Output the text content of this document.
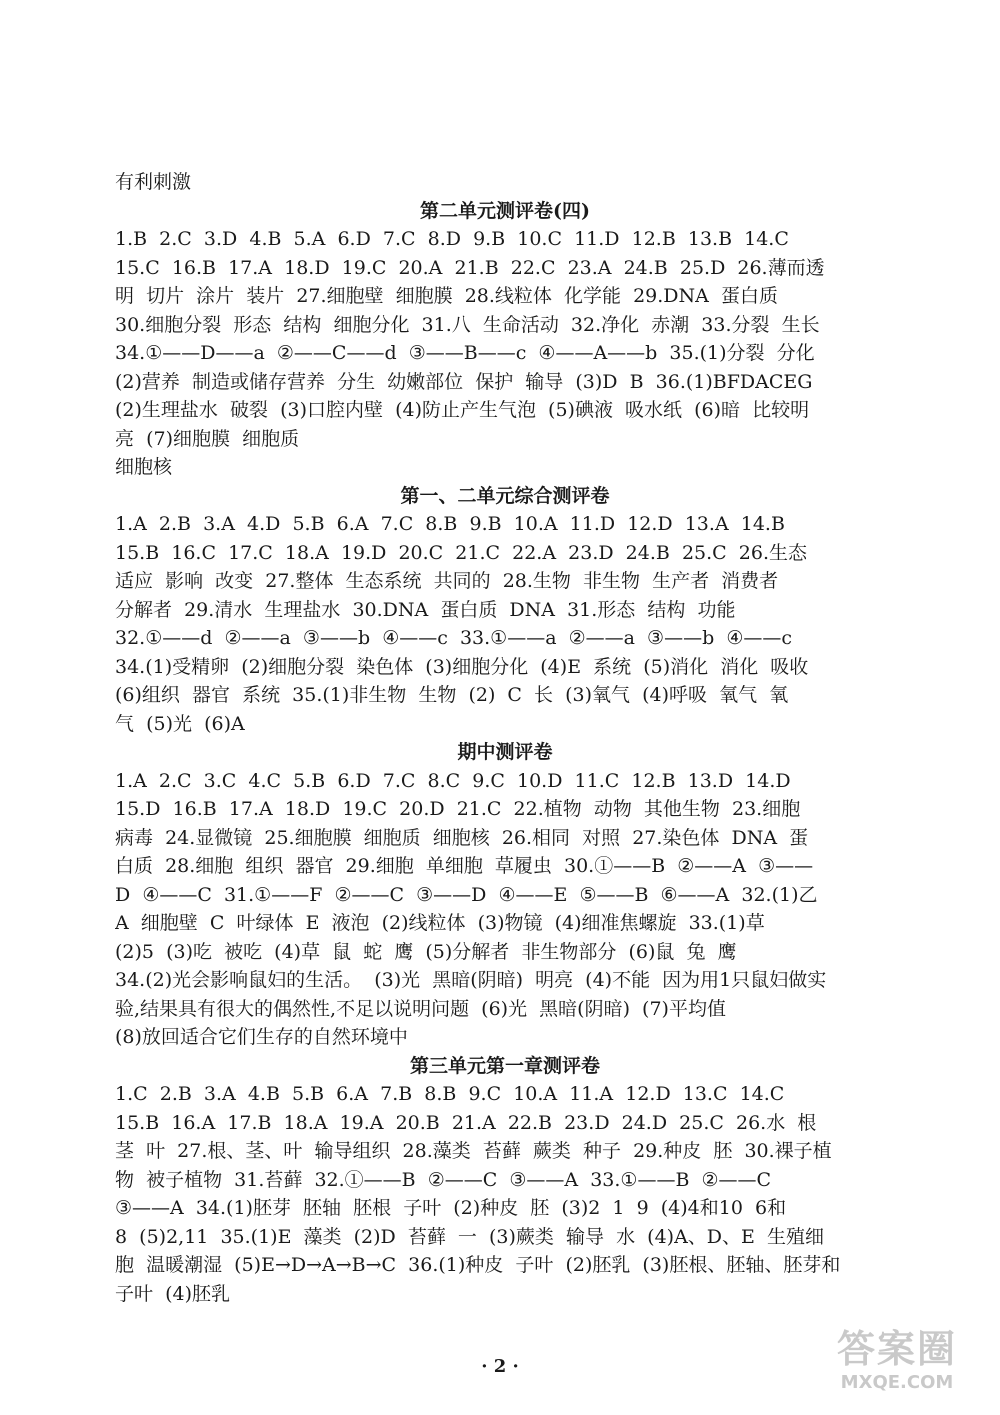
有利刺激
第二单元测评卷(四)
1.B  2.C  3.D  4.B  5.A  6.D  7.C  8.D  9.B  10.C  11.D  12.B  13.B  14.C
15.C  16.B  17.A  18.D  19.C  20.A  21.B  22.C  23.A  24.B  25.D  26.薄而透
明  切片  涂片  装片  27.细胞壁  细胞膜  28.线粒体  化学能  29.DNA  蛋白质
30.细胞分裂  形态  结构  细胞分化  31.八  生命活动  32.净化  赤潮  33.分裂  生长
34.①——D——a  ②——C——d  ③——B——c  ④——A——b  35.(1)分裂  分化
(2)营养  制造或储存营养  分生  幼嫩部位  保护  输导  (3)D  B  36.(1)BFDACEG
(2)生理盐水  破裂  (3)口腔内壁  (4)防止产生气泡  (5)碘液  吸水纸  (6)暗  比较明
亮  (7)细胞膜  细胞质
细胞核
第一、二单元综合测评卷
1.A  2.B  3.A  4.D  5.B  6.A  7.C  8.B  9.B  10.A  11.D  12.D  13.A  14.B
15.B  16.C  17.C  18.A  19.D  20.C  21.C  22.A  23.D  24.B  25.C  26.生态
适应  影响  改变  27.整体  生态系统  共同的  28.生物  非生物  生产者  消费者
分解者  29.清水  生理盐水  30.DNA  蛋白质  DNA  31.形态  结构  功能
32.①——d  ②——a  ③——b  ④——c  33.①——a  ②——a  ③——b  ④——c
34.(1)受精卵  (2)细胞分裂  染色体  (3)细胞分化  (4)E  系统  (5)消化  消化  吸收
(6)组织  器官  系统  35.(1)非生物  生物  (2)  C  长  (3)氧气  (4)呼吸  氧气  氧
气  (5)光  (6)A
期中测评卷
1.A  2.C  3.C  4.C  5.B  6.D  7.C  8.C  9.C  10.D  11.C  12.B  13.D  14.D
15.D  16.B  17.A  18.D  19.C  20.D  21.C  22.植物  动物  其他生物  23.细胞
病毒  24.显微镜  25.细胞膜  细胞质  细胞核  26.相同  对照  27.染色体  DNA  蛋
白质  28.细胞  组织  器官  29.细胞  单细胞  草履虫  30.①——B  ②——A  ③——
D  ④——C  31.①——F  ②——C  ③——D  ④——E  ⑤——B  ⑥——A  32.(1)乙
A  细胞壁  C  叶绿体  E  液泡  (2)线粒体  (3)物镜  (4)细准焦螺旋  33.(1)草
(2)5  (3)吃  被吃  (4)草  鼠  蛇  鹰  (5)分解者  非生物部分  (6)鼠  兔  鹰
34.(2)光会影响鼠妇的生活。  (3)光  黑暗(阴暗)  明亮  (4)不能  因为用1只鼠妇做实
验,结果具有很大的偶然性,不足以说明问题  (6)光  黑暗(阴暗)  (7)平均值
(8)放回适合它们生存的自然环境中
第三单元第一章测评卷
1.C  2.B  3.A  4.B  5.B  6.A  7.B  8.B  9.C  10.A  11.A  12.D  13.C  14.C
15.B  16.A  17.B  18.A  19.A  20.B  21.A  22.B  23.D  24.D  25.C  26.水  根
茎  叶  27.根、茎、叶  输导组织  28.藻类  苔藓  蕨类  种子  29.种皮  胚  30.裸子植
物  被子植物  31.苔藓  32.①——B  ②——C  ③——A  33.①——B  ②——C
③——A  34.(1)胚芽  胚轴  胚根  子叶  (2)种皮  胚  (3)2  1  9  (4)4和10  6和
8  (5)2,11  35.(1)E  藻类  (2)D  苔藓  一  (3)蕨类  输导  水  (4)A、D、E  生殖细
胞  温暖潮湿  (5)E→D→A→B→C  36.(1)种皮  子叶  (2)胚乳  (3)胚根、胚轴、胚芽和
子叶  (4)胚乳
· 2 ·	答案圈
MXQE.COM
